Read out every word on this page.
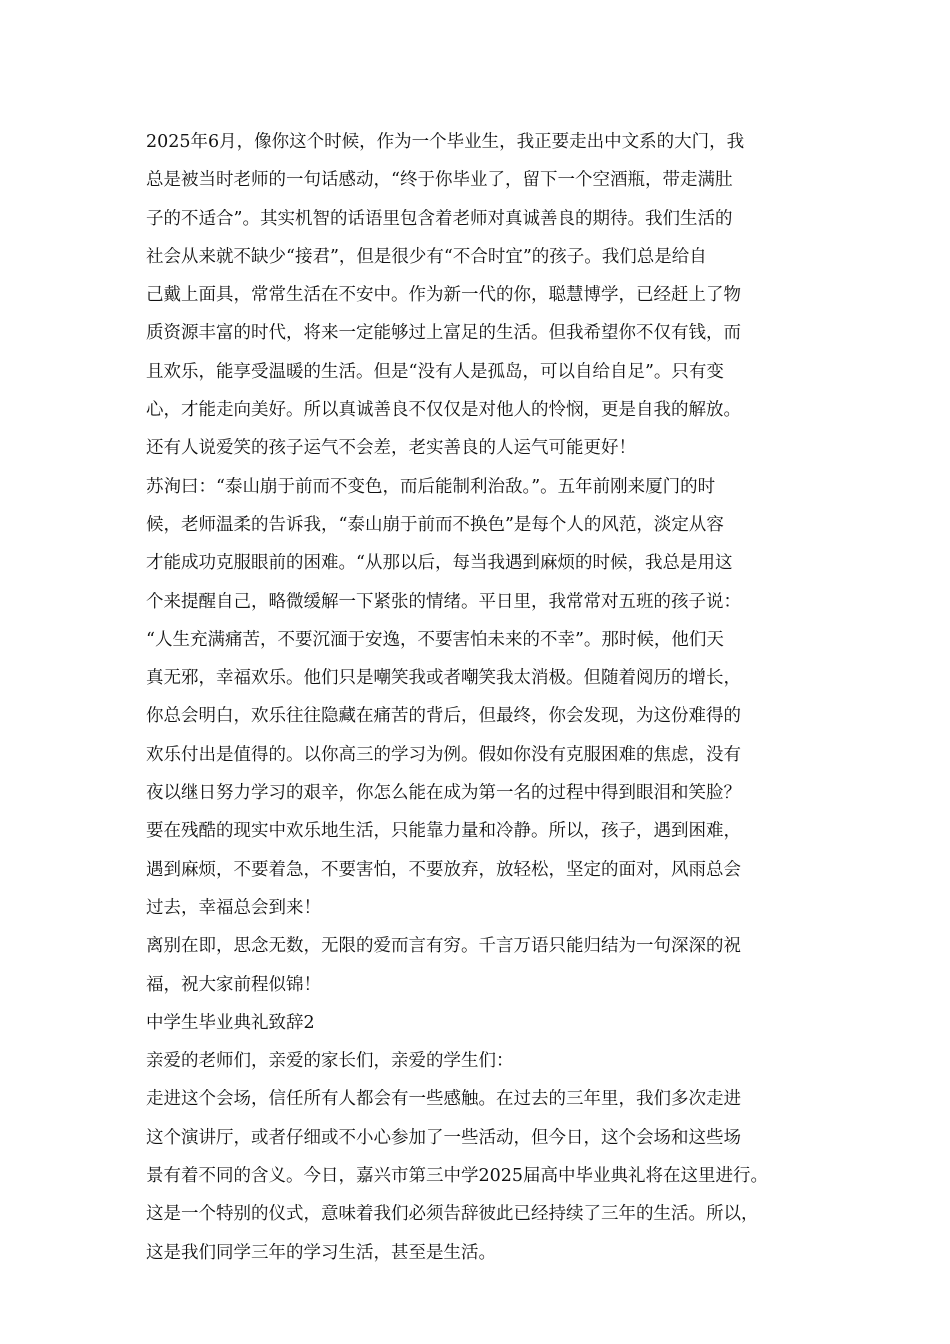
2025年6月，像你这个时候，作为一个毕业生，我正要走出中文系的大门，我
总是被当时老师的一句话感动，“终于你毕业了，留下一个空酒瓶，带走满肚
子的不适合”。其实机智的话语里包含着老师对真诚善良的期待。我们生活的
社会从来就不缺少“接君”，但是很少有“不合时宜”的孩子。我们总是给自
己戴上面具，常常生活在不安中。作为新一代的你，聪慧博学，已经赶上了物
质资源丰富的时代，将来一定能够过上富足的生活。但我希望你不仅有钱，而
且欢乐，能享受温暖的生活。但是“没有人是孤岛，可以自给自足”。只有变
心，才能走向美好。所以真诚善良不仅仅是对他人的怜悯，更是自我的解放。
还有人说爱笑的孩子运气不会差，老实善良的人运气可能更好！
苏洵曰：“泰山崩于前而不变色，而后能制利治敌。”。五年前刚来厦门的时
候，老师温柔的告诉我，“泰山崩于前而不换色”是每个人的风范，淡定从容
才能成功克服眼前的困难。“从那以后，每当我遇到麻烦的时候，我总是用这
个来提醒自己，略微缓解一下紧张的情绪。平日里，我常常对五班的孩子说：
“人生充满痛苦，不要沉湎于安逸，不要害怕未来的不幸”。那时候，他们天
真无邪，幸福欢乐。他们只是嘲笑我或者嘲笑我太消极。但随着阅历的增长，
你总会明白，欢乐往往隐藏在痛苦的背后，但最终，你会发现，为这份难得的
欢乐付出是值得的。以你高三的学习为例。假如你没有克服困难的焦虑，没有
夜以继日努力学习的艰辛，你怎么能在成为第一名的过程中得到眼泪和笑脸？
要在残酷的现实中欢乐地生活，只能靠力量和冷静。所以，孩子，遇到困难，
遇到麻烦，不要着急，不要害怕，不要放弃，放轻松，坚定的面对，风雨总会
过去，幸福总会到来！
离别在即，思念无数，无限的爱而言有穷。千言万语只能归结为一句深深的祝
福，祝大家前程似锦！
中学生毕业典礼致辞2
亲爱的老师们，亲爱的家长们，亲爱的学生们：
走进这个会场，信任所有人都会有一些感触。在过去的三年里，我们多次走进
这个演讲厅，或者仔细或不小心参加了一些活动，但今日，这个会场和这些场
景有着不同的含义。今日，嘉兴市第三中学2025届高中毕业典礼将在这里进行。
这是一个特别的仪式，意味着我们必须告辞彼此已经持续了三年的生活。所以，
这是我们同学三年的学习生活，甚至是生活。
